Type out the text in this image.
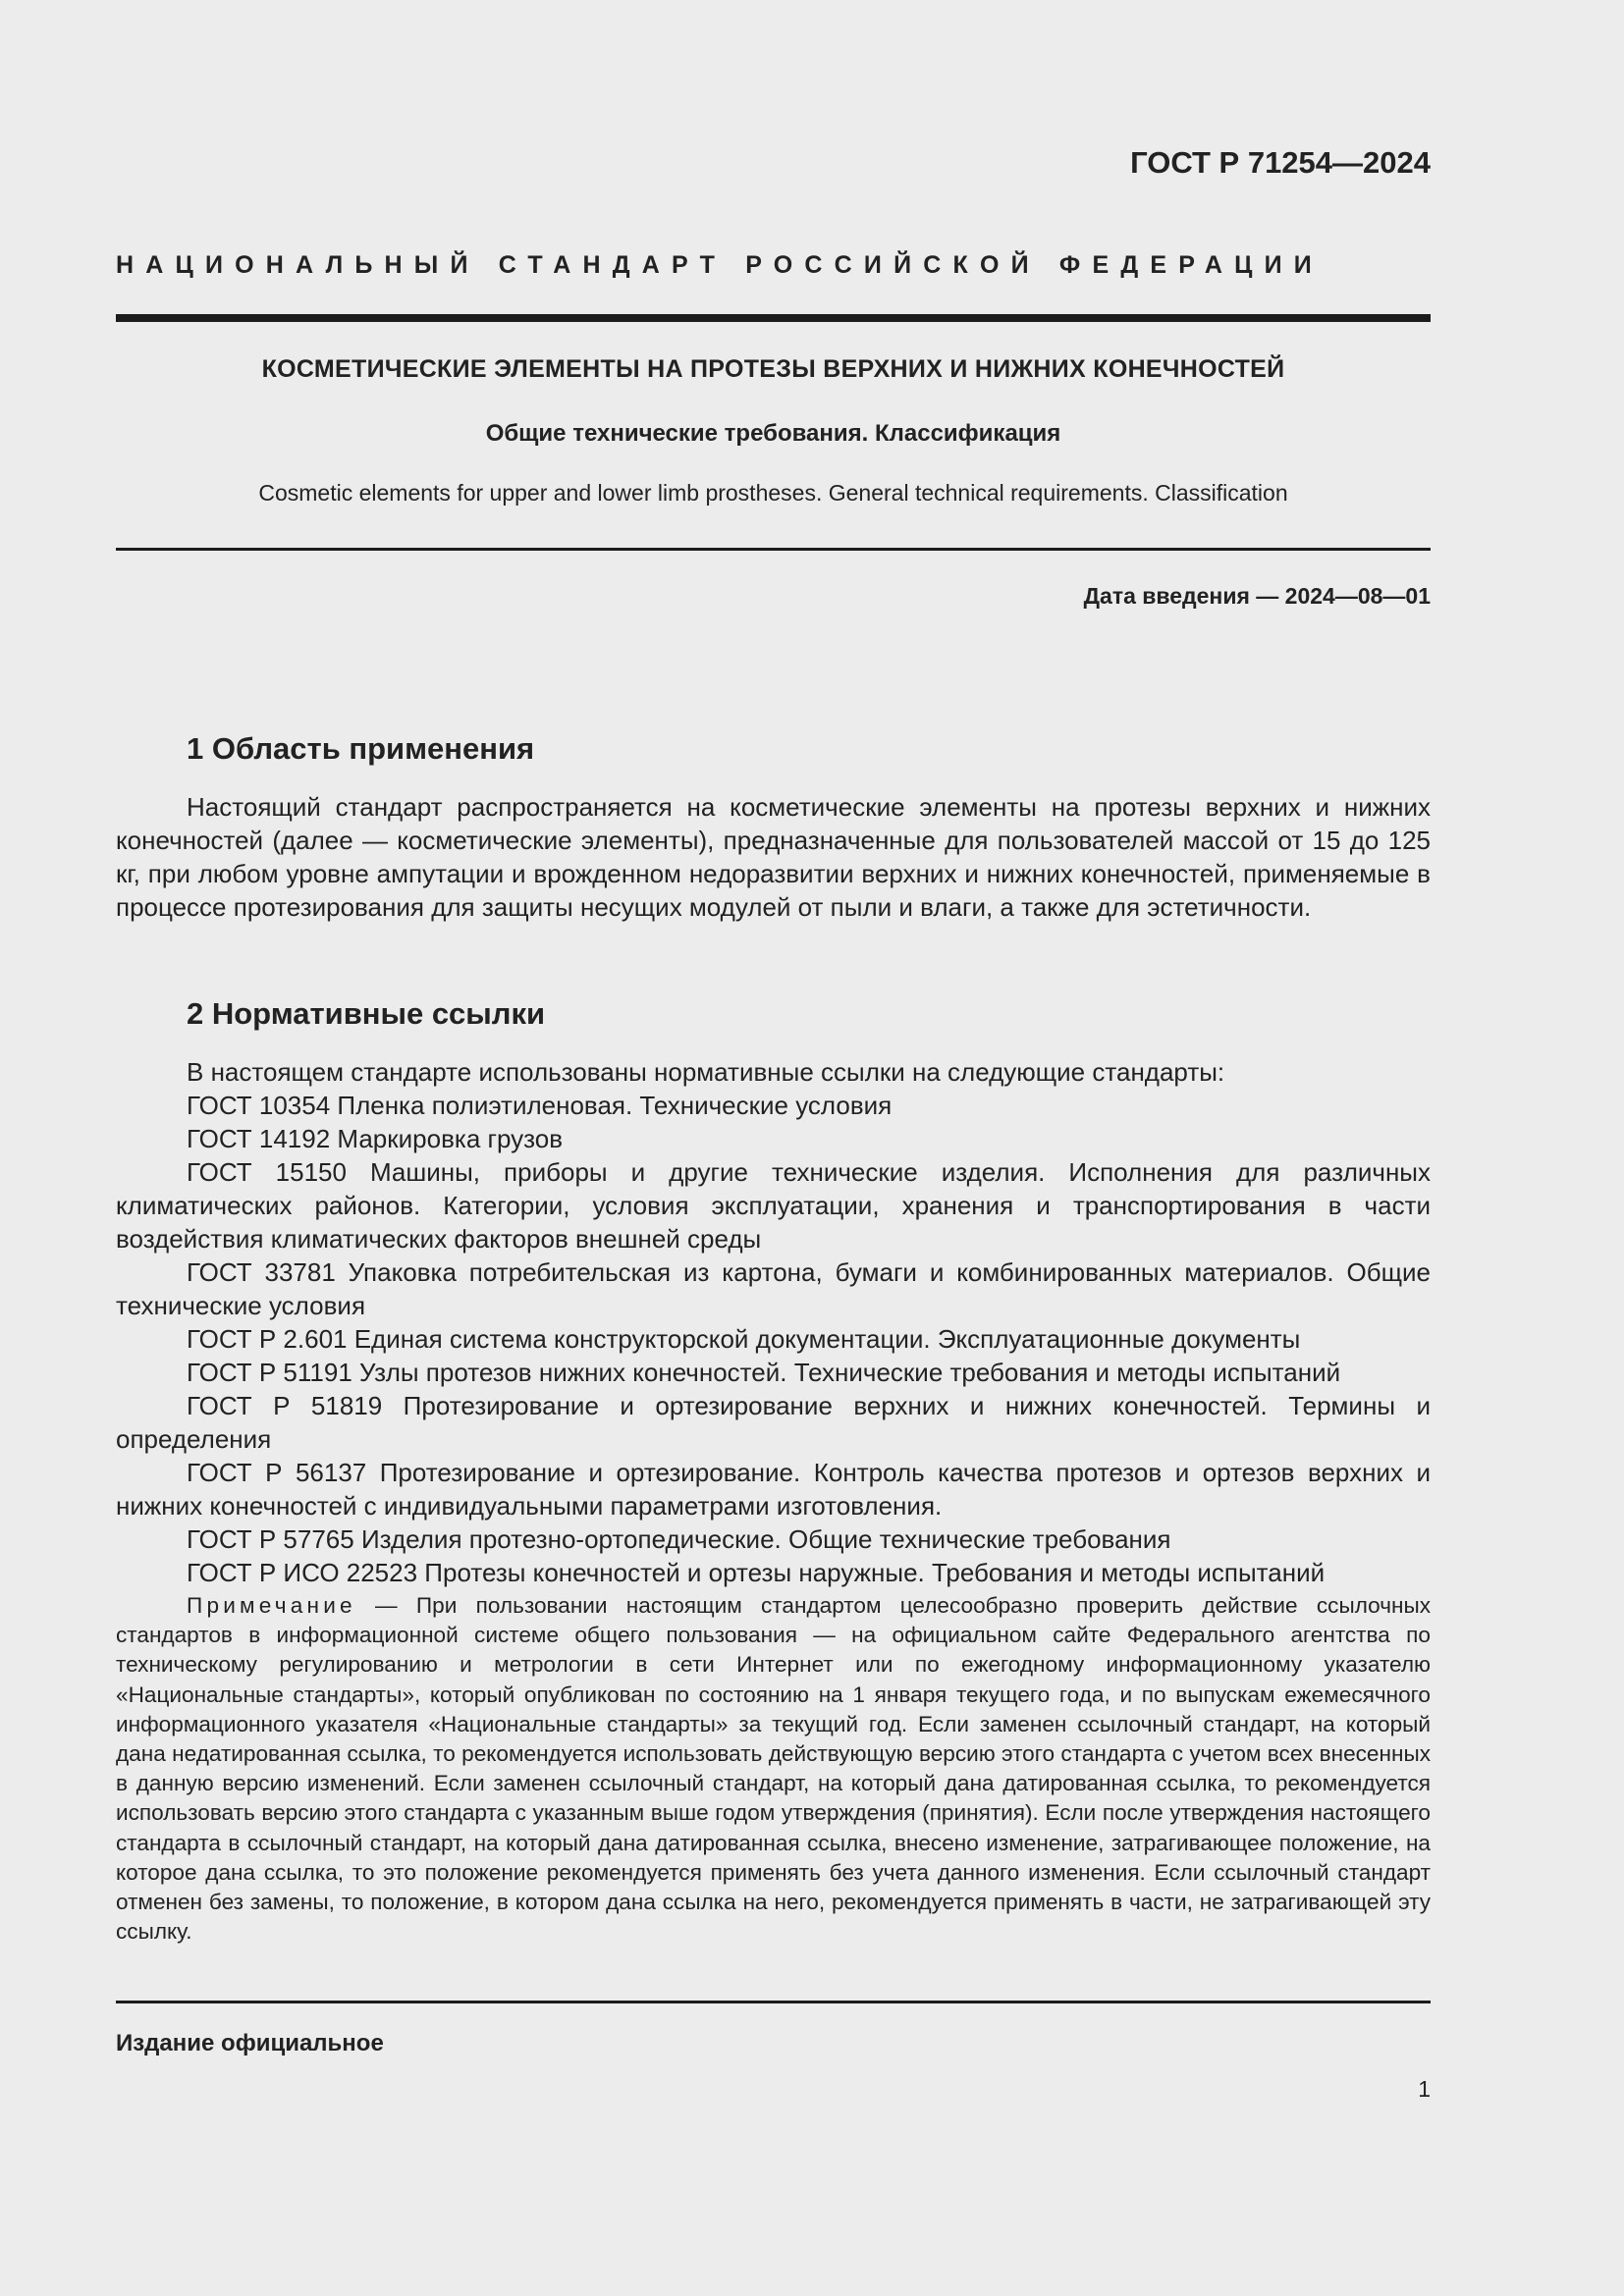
ГОСТ Р 71254—2024
НАЦИОНАЛЬНЫЙ СТАНДАРТ РОССИЙСКОЙ ФЕДЕРАЦИИ
КОСМЕТИЧЕСКИЕ ЭЛЕМЕНТЫ НА ПРОТЕЗЫ ВЕРХНИХ И НИЖНИХ КОНЕЧНОСТЕЙ
Общие технические требования. Классификация
Cosmetic elements for upper and lower limb prostheses. General technical requirements. Classification
Дата введения — 2024—08—01
1 Область применения

Настоящий стандарт распространяется на косметические элементы на протезы верхних и нижних конечностей (далее — косметические элементы), предназначенные для пользователей массой от 15 до 125 кг, при любом уровне ампутации и врожденном недоразвитии верхних и нижних конечностей, применяемые в процессе протезирования для защиты несущих модулей от пыли и влаги, а также для эстетичности.

2 Нормативные ссылки

В настоящем стандарте использованы нормативные ссылки на следующие стандарты:

ГОСТ 10354 Пленка полиэтиленовая. Технические условия

ГОСТ 14192 Маркировка грузов

ГОСТ 15150 Машины, приборы и другие технические изделия. Исполнения для различных климатических районов. Категории, условия эксплуатации, хранения и транспортирования в части воздействия климатических факторов внешней среды

ГОСТ 33781 Упаковка потребительская из картона, бумаги и комбинированных материалов. Общие технические условия

ГОСТ Р 2.601 Единая система конструкторской документации. Эксплуатационные документы

ГОСТ Р 51191 Узлы протезов нижних конечностей. Технические требования и методы испытаний

ГОСТ Р 51819 Протезирование и ортезирование верхних и нижних конечностей. Термины и определения

ГОСТ Р 56137 Протезирование и ортезирование. Контроль качества протезов и ортезов верхних и нижних конечностей с индивидуальными параметрами изготовления.

ГОСТ Р 57765 Изделия протезно-ортопедические. Общие технические требования

ГОСТ Р ИСО 22523 Протезы конечностей и ортезы наружные. Требования и методы испытаний

Примечание — При пользовании настоящим стандартом целесообразно проверить действие ссылочных стандартов в информационной системе общего пользования — на официальном сайте Федерального агентства по техническому регулированию и метрологии в сети Интернет или по ежегодному информационному указателю «Национальные стандарты», который опубликован по состоянию на 1 января текущего года, и по выпускам ежемесячного информационного указателя «Национальные стандарты» за текущий год. Если заменен ссылочный стандарт, на который дана недатированная ссылка, то рекомендуется использовать действующую версию этого стандарта с учетом всех внесенных в данную версию изменений. Если заменен ссылочный стандарт, на который дана датированная ссылка, то рекомендуется использовать версию этого стандарта с указанным выше годом утверждения (принятия). Если после утверждения настоящего стандарта в ссылочный стандарт, на который дана датированная ссылка, внесено изменение, затрагивающее положение, на которое дана ссылка, то это положение рекомендуется применять без учета данного изменения. Если ссылочный стандарт отменен без замены, то положение, в котором дана ссылка на него, рекомендуется применять в части, не затрагивающей эту ссылку.

Издание официальное
1
